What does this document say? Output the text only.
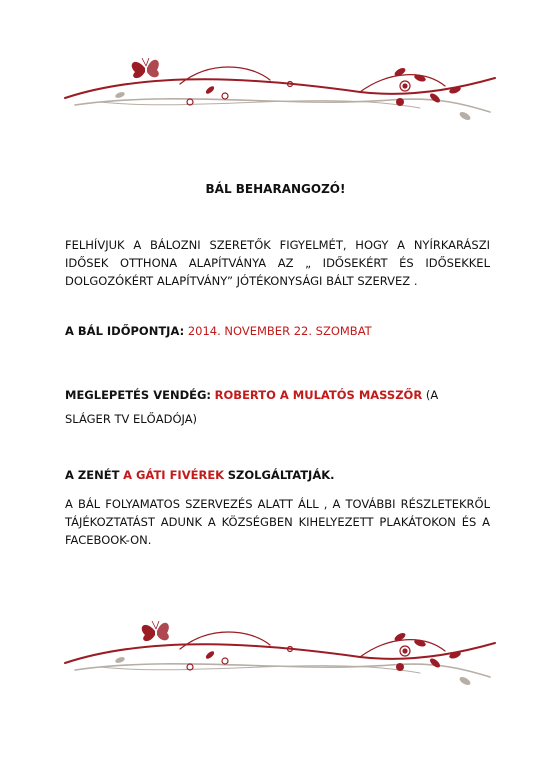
BÁL BEHARANGOZÓ!
FELHÍVJUK A BÁLOZNI SZERETŐK FIGYELMÉT, HOGY A NYÍRKARÁSZI IDŐSEK OTTHONA ALAPÍTVÁNYA AZ „ IDŐSEKÉRT ÉS IDŐSEKKEL DOLGOZÓKÉRT ALAPÍTVÁNY” JÓTÉKONYSÁGI BÁLT SZERVEZ .
A BÁL IDŐPONTJA: 2014. NOVEMBER 22. SZOMBAT
MEGLEPETÉS VENDÉG: ROBERTO A MULATÓS MASSZŐR (A
SLÁGER TV ELŐADÓJA)
A ZENÉT A GÁTI FIVÉREK SZOLGÁLTATJÁK.
A BÁL FOLYAMATOS SZERVEZÉS ALATT ÁLL , A TOVÁBBI RÉSZLETEKRŐL TÁJÉKOZTATÁST ADUNK A KÖZSÉGBEN KIHELYEZETT PLAKÁTOKON ÉS A FACEBOOK-ON.
